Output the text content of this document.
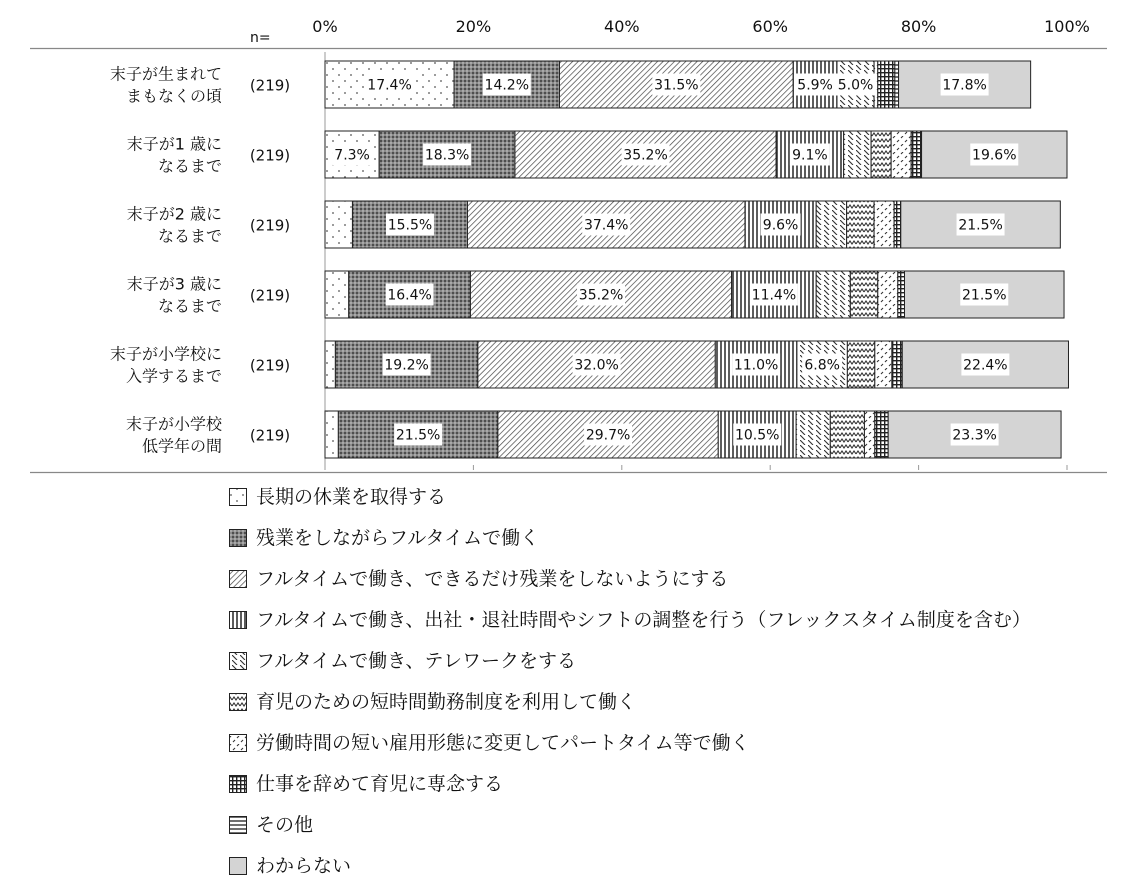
n=
0%	20%	40%	60%	80%	100%
末子が生まれて
まもなくの頃
(219)	17.4%	14.2%	31.5%	5.9% 5.0%	17.8%
末子が1 歳に
なるまで
(219)	7.3%	18.3%	35.2%	9.1%	19.6%
末子が2 歳に
なるまで
(219)	15.5%	37.4%	9.6%	21.5%
末子が3 歳に
なるまで
(219)	16.4%	35.2%	11.4%	21.5%
末子が小学校に
入学するまで
(219)	19.2%	32.0%	11.0% 6.8%	22.4%
末子が小学校
低学年の間
(219)	21.5%	29.7%	10.5%	23.3%
長期の休業を取得する
残業をしながらフルタイムで働く
フルタイムで働き、できるだけ残業をしないようにする
フルタイムで働き、出社・退社時間やシフトの調整を行う（フレックスタイム制度を含む）
フルタイムで働き、テレワークをする
育児のための短時間勤務制度を利用して働く
労働時間の短い雇用形態に変更してパートタイム等で働く
仕事を辞めて育児に専念する
その他
わからない
